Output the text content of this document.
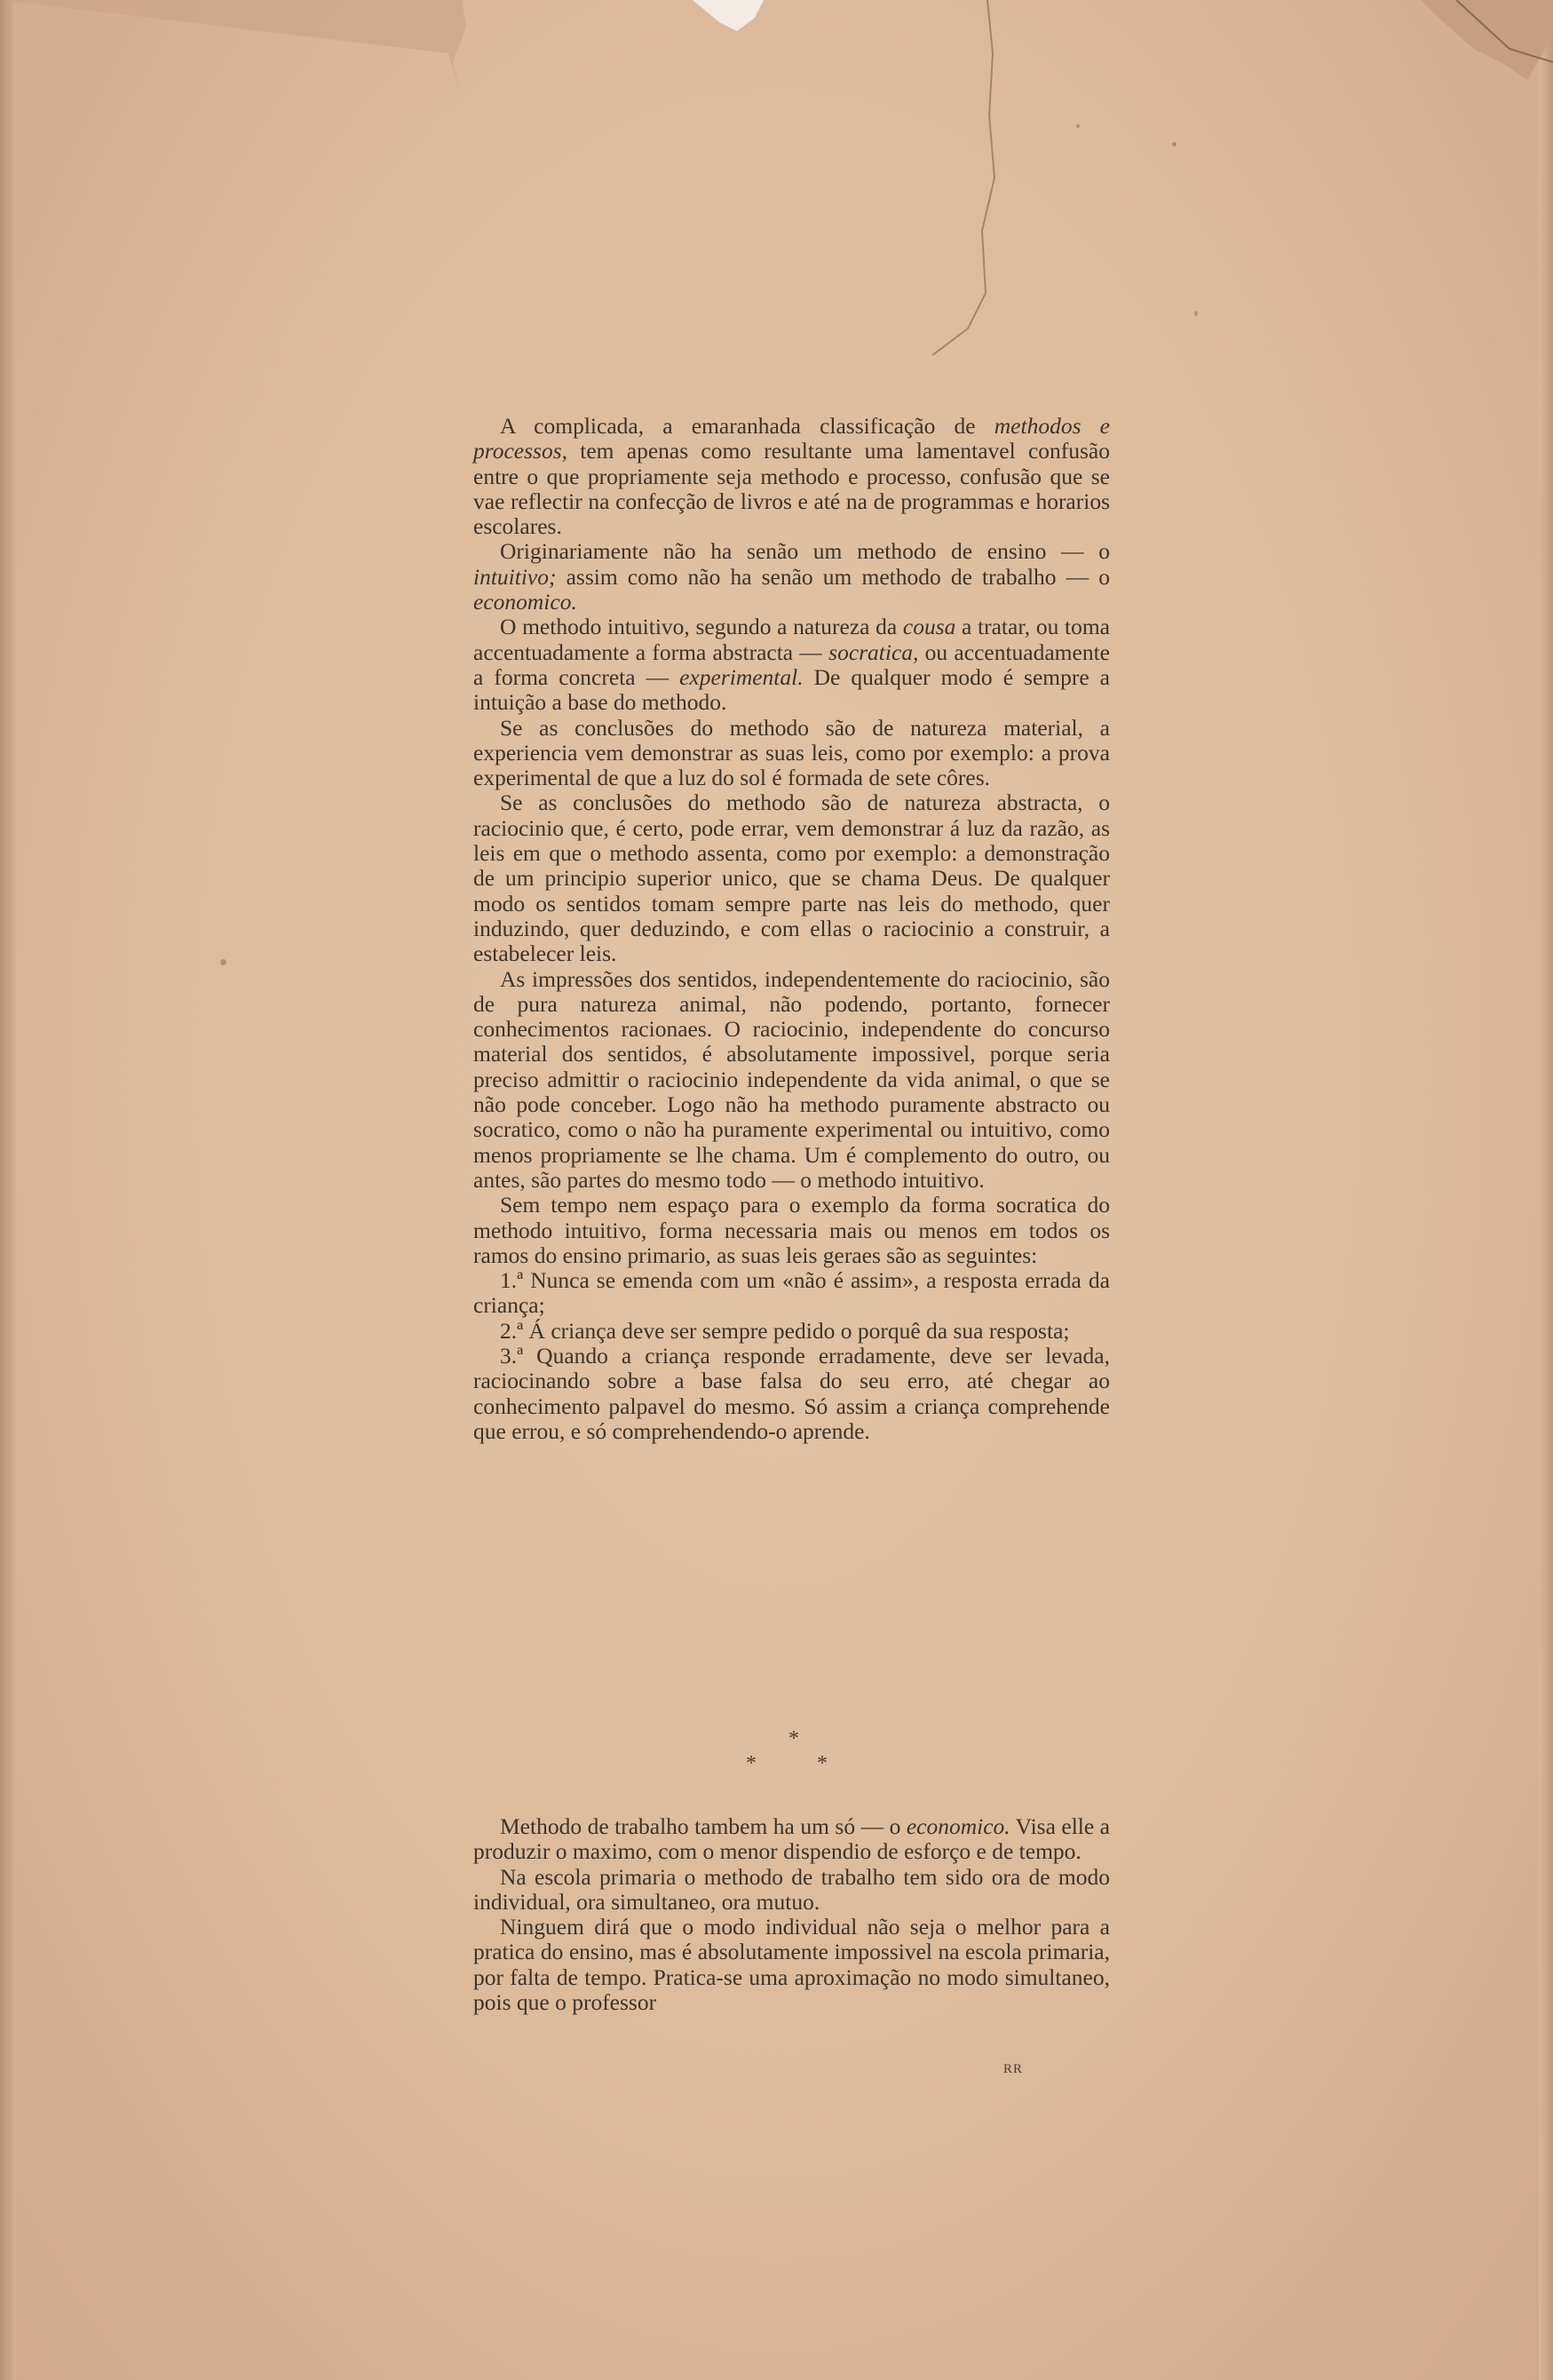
A complicada, a emaranhada classificação de methodos e processos, tem apenas como resultante uma lamentavel confusão entre o que propriamente seja methodo e processo, confusão que se vae reflectir na confecção de livros e até na de programmas e horarios escolares.

Originariamente não ha senão um methodo de ensino — o intuitivo; assim como não ha senão um methodo de trabalho — o economico.

O methodo intuitivo, segundo a natureza da cousa a tratar, ou toma accentuadamente a forma abstracta — socratica, ou accentuadamente a forma concreta — experimental. De qualquer modo é sempre a intuição a base do methodo.

Se as conclusões do methodo são de natureza material, a experiencia vem demonstrar as suas leis, como por exemplo: a prova experimental de que a luz do sol é formada de sete côres.

Se as conclusões do methodo são de natureza abstracta, o raciocinio que, é certo, pode errar, vem demonstrar á luz da razão, as leis em que o methodo assenta, como por exemplo: a demonstração de um principio superior unico, que se chama Deus. De qualquer modo os sentidos tomam sempre parte nas leis do methodo, quer induzindo, quer deduzindo, e com ellas o raciocinio a construir, a estabelecer leis.

As impressões dos sentidos, independentemente do raciocinio, são de pura natureza animal, não podendo, portanto, fornecer conhecimentos racionaes. O raciocinio, independente do concurso material dos sentidos, é absolutamente impossivel, porque seria preciso admittir o raciocinio independente da vida animal, o que se não pode conceber. Logo não ha methodo puramente abstracto ou socratico, como o não ha puramente experimental ou intuitivo, como menos propriamente se lhe chama. Um é complemento do outro, ou antes, são partes do mesmo todo — o methodo intuitivo.

Sem tempo nem espaço para o exemplo da forma socratica do methodo intuitivo, forma necessaria mais ou menos em todos os ramos do ensino primario, as suas leis geraes são as seguintes:

1.ª Nunca se emenda com um «não é assim», a resposta errada da criança;

2.ª Á criança deve ser sempre pedido o porquê da sua resposta;

3.ª Quando a criança responde erradamente, deve ser levada, raciocinando sobre a base falsa do seu erro, até chegar ao conhecimento palpavel do mesmo. Só assim a criança comprehende que errou, e só comprehendendo-o aprende.

*
*	*

Methodo de trabalho tambem ha um só — o economico. Visa elle a produzir o maximo, com o menor dispendio de esforço e de tempo.

Na escola primaria o methodo de trabalho tem sido ora de modo individual, ora simultaneo, ora mutuo.

Ninguem dirá que o modo individual não seja o melhor para a pratica do ensino, mas é absolutamente impossivel na escola primaria, por falta de tempo. Pratica-se uma aproximação no modo simultaneo, pois que o professor

RR
